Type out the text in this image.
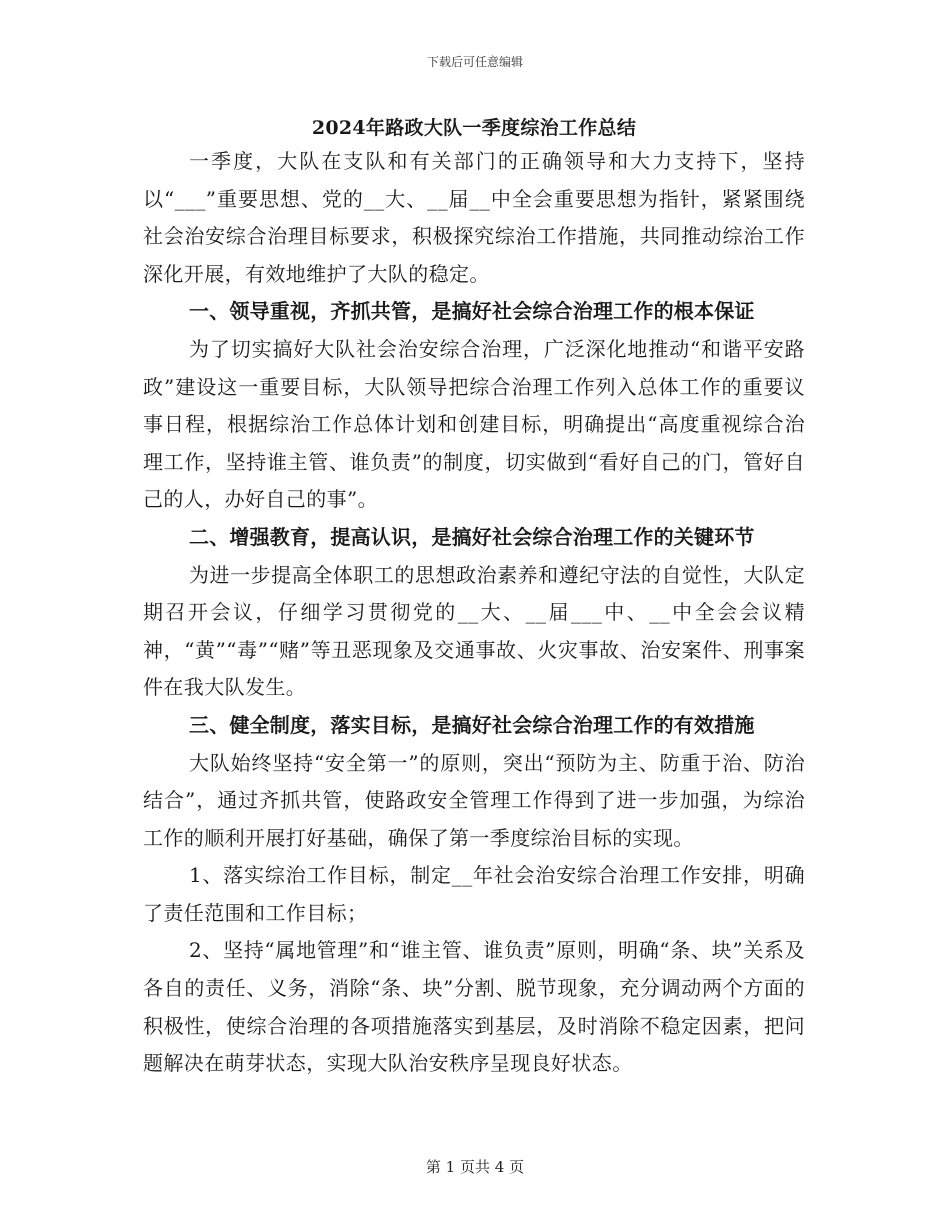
下载后可任意编辑
2024年路政大队一季度综治工作总结

一季度，大队在支队和有关部门的正确领导和大力支持下，坚持以“___”重要思想、党的__大、__届__中全会重要思想为指针，紧紧围绕社会治安综合治理目标要求，积极探究综治工作措施，共同推动综治工作深化开展，有效地维护了大队的稳定。

一、领导重视，齐抓共管，是搞好社会综合治理工作的根本保证

为了切实搞好大队社会治安综合治理，广泛深化地推动“和谐平安路政”建设这一重要目标，大队领导把综合治理工作列入总体工作的重要议事日程，根据综治工作总体计划和创建目标，明确提出“高度重视综合治理工作，坚持谁主管、谁负责”的制度，切实做到“看好自己的门，管好自己的人，办好自己的事”。

二、增强教育，提高认识，是搞好社会综合治理工作的关键环节

为进一步提高全体职工的思想政治素养和遵纪守法的自觉性，大队定期召开会议，仔细学习贯彻党的__大、__届___中、__中全会会议精神，“黄”“毒”“赌”等丑恶现象及交通事故、火灾事故、治安案件、刑事案件在我大队发生。

三、健全制度，落实目标，是搞好社会综合治理工作的有效措施

大队始终坚持“安全第一”的原则，突出“预防为主、防重于治、防治结合”，通过齐抓共管，使路政安全管理工作得到了进一步加强，为综治工作的顺利开展打好基础，确保了第一季度综治目标的实现。

1、落实综治工作目标，制定__年社会治安综合治理工作安排，明确了责任范围和工作目标；

2、坚持“属地管理”和“谁主管、谁负责”原则，明确“条、块”关系及各自的责任、义务，消除“条、块”分割、脱节现象，充分调动两个方面的积极性，使综合治理的各项措施落实到基层，及时消除不稳定因素，把问题解决在萌芽状态，实现大队治安秩序呈现良好状态。

第 1 页共 4 页
